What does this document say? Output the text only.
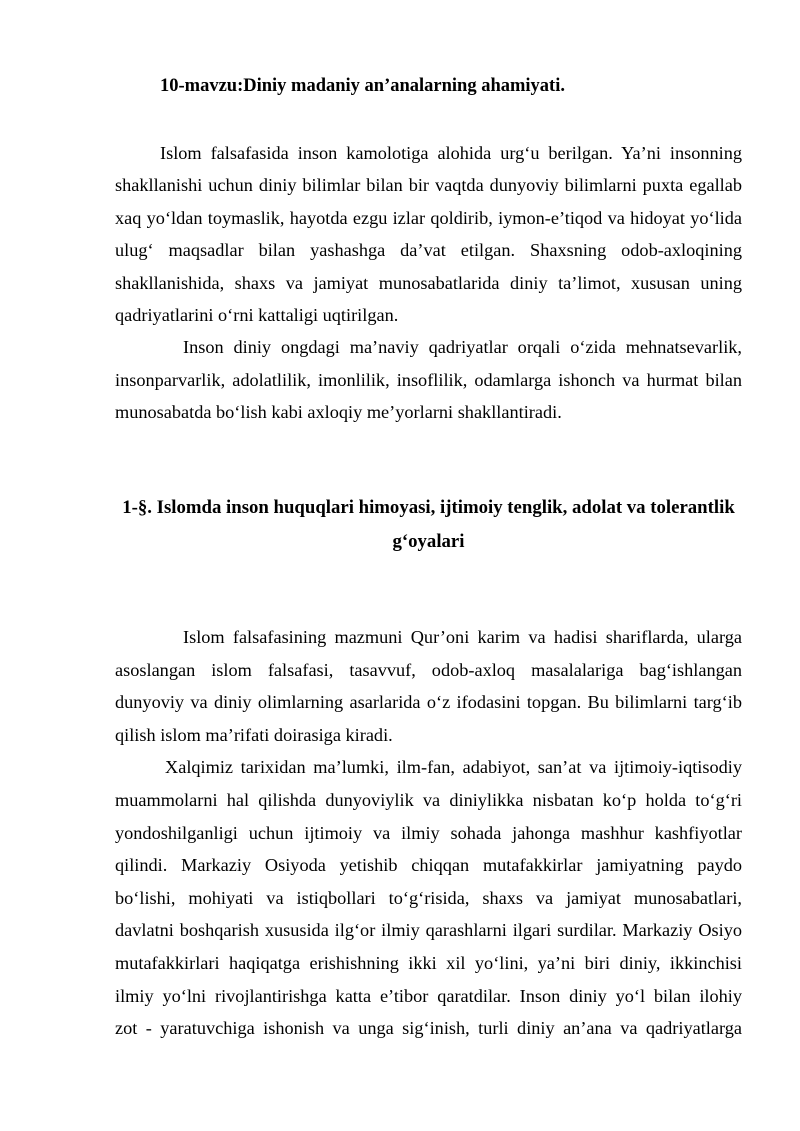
10-mavzu:Diniy madaniy an’analarning ahamiyati.
Islom falsafasida inson kamolotiga alohida urg‘u berilgan. Ya’ni insonning
shakllanishi uchun diniy bilimlar bilan bir vaqtda dunyoviy bilimlarni puxta egallab
xaq yo‘ldan toymaslik, hayotda ezgu izlar qoldirib, iymon-e’tiqod va hidoyat yo‘lida
ulug‘ maqsadlar bilan yashashga da’vat etilgan. Shaxsning odob-axloqining
shakllanishida, shaxs va jamiyat munosabatlarida diniy ta’limot, xususan uning
qadriyatlarini o‘rni kattaligi uqtirilgan.
Inson diniy ongdagi ma’naviy qadriyatlar orqali o‘zida mehnatsevarlik,
insonparvarlik, adolatlilik, imonlilik, insoflilik, odamlarga ishonch va hurmat bilan
munosabatda bo‘lish kabi axloqiy me’yorlarni shakllantiradi.
1-§. Islomda inson huquqlari himoyasi, ijtimoiy tenglik, adolat va tolerantlik
g‘oyalari
Islom falsafasining mazmuni Qur’oni karim va hadisi shariflarda, ularga
asoslangan islom falsafasi, tasavvuf, odob-axloq masalalariga bag‘ishlangan
dunyoviy va diniy olimlarning asarlarida o‘z ifodasini topgan. Bu bilimlarni targ‘ib
qilish islom ma’rifati doirasiga kiradi.
Xalqimiz tarixidan ma’lumki, ilm-fan, adabiyot, san’at va ijtimoiy-iqtisodiy
muammolarni hal qilishda dunyoviylik va diniylikka nisbatan ko‘p holda to‘g‘ri
yondoshilganligi uchun ijtimoiy va ilmiy sohada jahonga mashhur kashfiyotlar
qilindi. Markaziy Osiyoda yetishib chiqqan mutafakkirlar jamiyatning paydo
bo‘lishi, mohiyati va istiqbollari to‘g‘risida, shaxs va jamiyat munosabatlari,
davlatni boshqarish xususida ilg‘or ilmiy qarashlarni ilgari surdilar. Markaziy Osiyo
mutafakkirlari haqiqatga erishishning ikki xil yo‘lini, ya’ni biri diniy, ikkinchisi
ilmiy yo‘lni rivojlantirishga katta e’tibor qaratdilar. Inson diniy yo‘l bilan ilohiy
zot - yaratuvchiga ishonish va unga sig‘inish, turli diniy an’ana va qadriyatlarga
